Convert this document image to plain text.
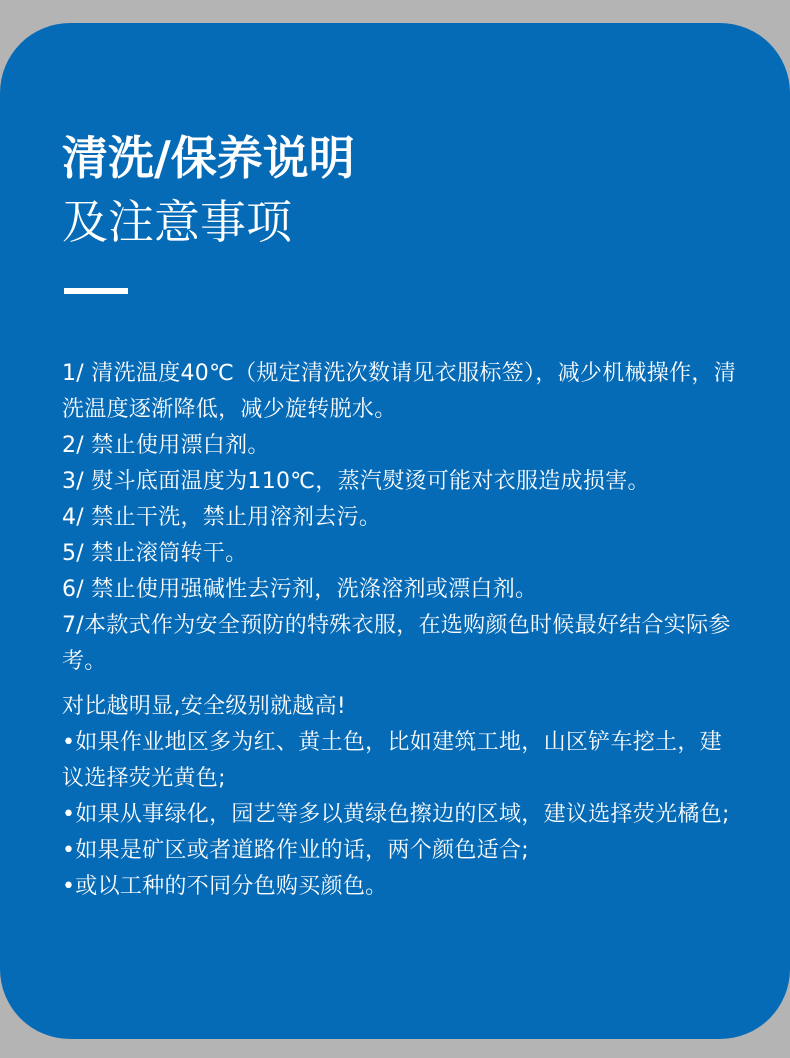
清洗/保养说明
及注意事项
1/ 清洗温度40℃（规定清洗次数请见衣服标签），减少机械操作，清洗温度逐渐降低，减少旋转脱水。
2/ 禁止使用漂白剂。
3/ 熨斗底面温度为110℃，蒸汽熨烫可能对衣服造成损害。
4/ 禁止干洗，禁止用溶剂去污。
5/ 禁止滚筒转干。
6/ 禁止使用强碱性去污剂，洗涤溶剂或漂白剂。
7/本款式作为安全预防的特殊衣服，在选购颜色时候最好结合实际参考。

对比越明显,安全级别就越高!

•如果作业地区多为红、黄土色，比如建筑工地，山区铲车挖土，建议选择荧光黄色;
•如果从事绿化，园艺等多以黄绿色擦边的区域，建议选择荧光橘色;
•如果是矿区或者道路作业的话，两个颜色适合;
•或以工种的不同分色购买颜色。
